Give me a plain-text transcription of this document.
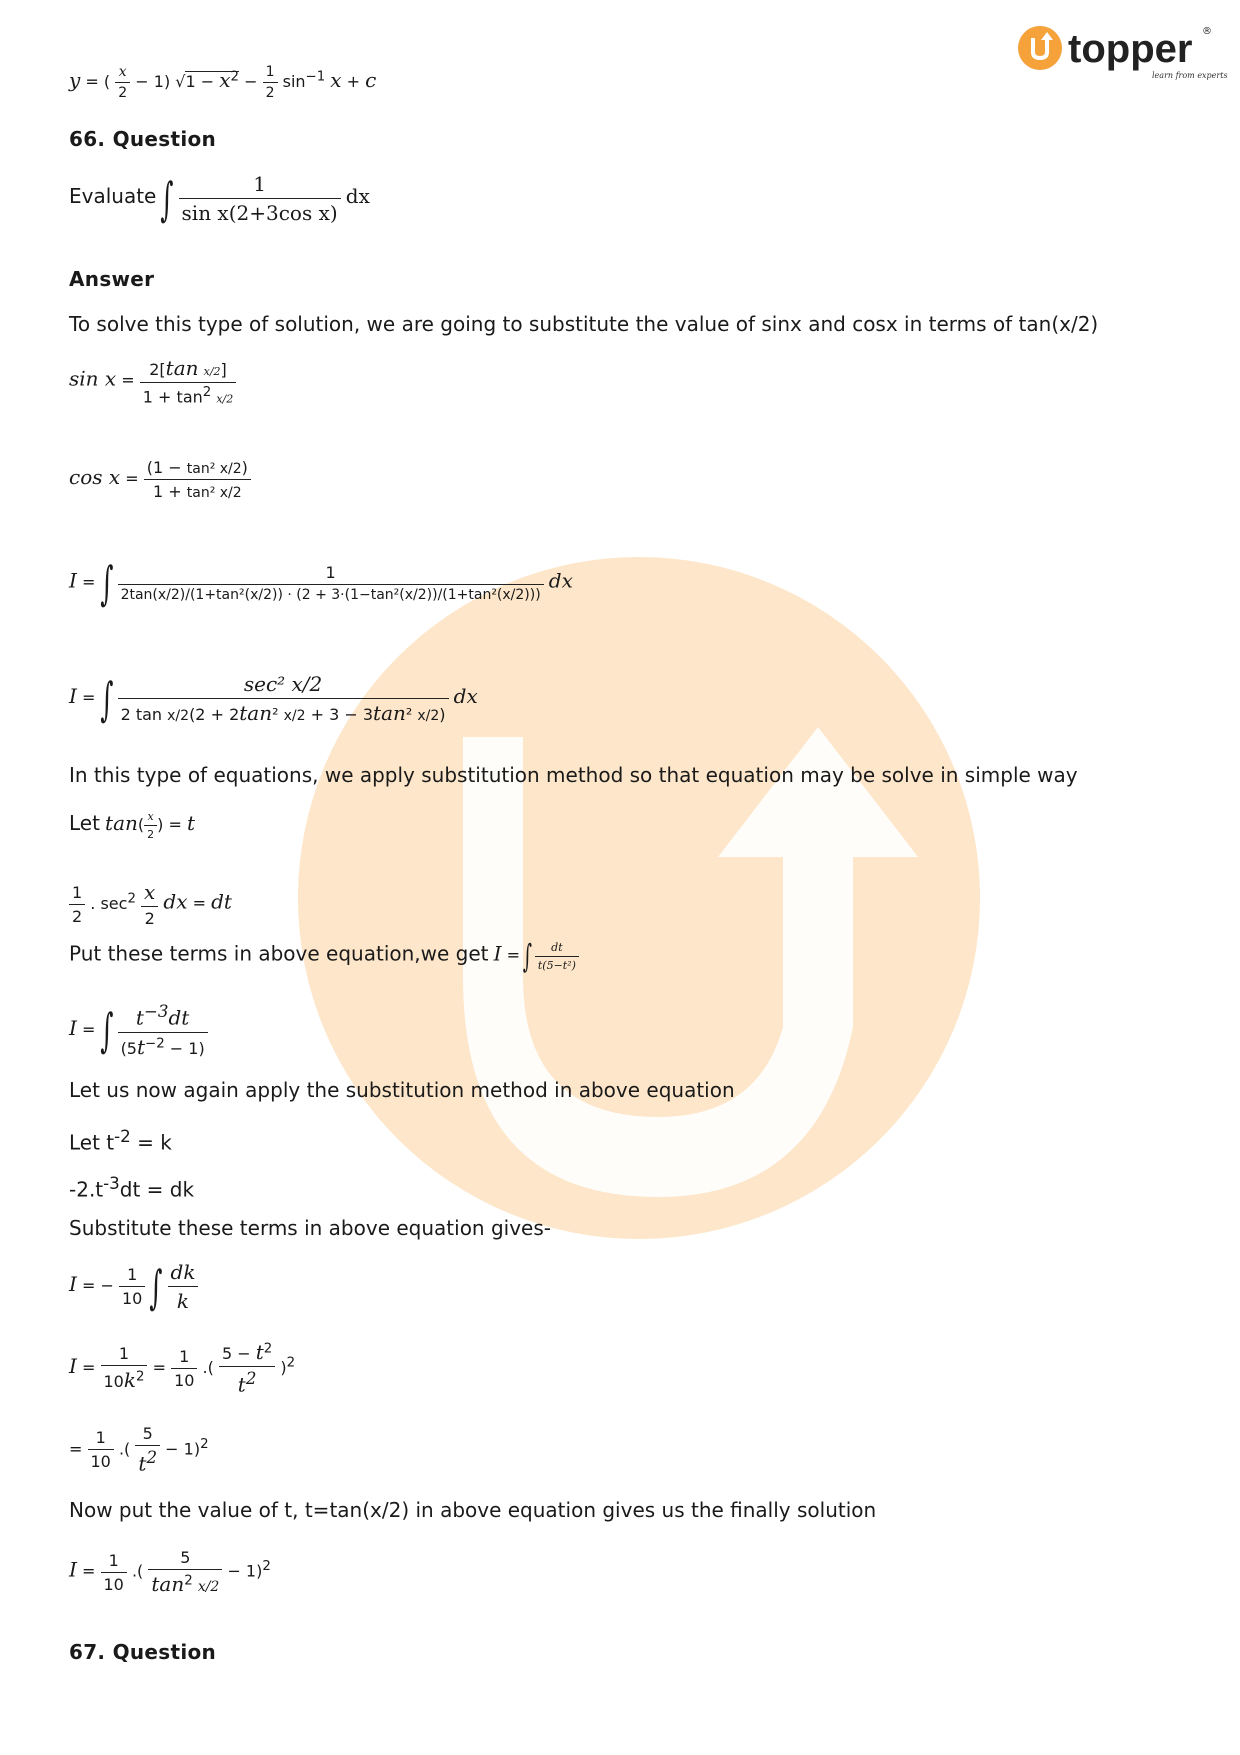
topper ®
learn from experts
y = ( $\frac{x}{2} - 1$) $√1 - x^2 - \frac{1}{2} \sin^{-1} x + c$
66. Question
Evaluate ∫ $\frac{1}{\text{sin x(2+3cos x)}}$ dx
Answer
To solve this type of solution, we are going to substitute the value of sinx and cosx in terms of tan(x/2)
$\sin x = \frac{\text{2[tan x/2]}}{1 + \tan^2 x/2}$
$\cos x = \frac{\text{(1 − tan² x/2)}}{\text{1 + tan² x/2}}$
I = ∫	1
2tan(x/2)/(1+tan²(x/2)) · (2 + 3·(1−tan²(x/2))/(1+tan²(x/2)))
dx
I = ∫ $\frac{\text{sec² x/2}}{\text{2 tan x/2(2 + 2tan² x/2 + 3 − 3tan² x/2)}}$ dx
In this type of equations, we apply substitution method so that equation may be solve in simple way
Let $\tan( \frac{x}{2}$ ) = t
$\frac{1}{2}$ . $\sec^2 \frac{x}{2}$ dx = dt
Put these terms in above equation,we get I = ∫ $\frac{dt}{\text{t(5−t²)}}$
I = ∫ $\frac{t^{-3}dt}{(5t^{-2} - 1)}$
Let us now again apply the substitution method in above equation
Let $t^{-2} = k$
$-2.t^{-3}dt$ = dk
Substitute these terms in above equation gives-
I = − $\frac{1}{10}$ ∫ $\frac{dk}{k}$
$I = \frac{1}{10k^2} = \frac{1}{10}$ .( $\frac{5 - t^2}{t^2} )^2$
= $\frac{1}{10}$ .( $\frac{5}{t^2} - 1)^2$
Now put the value of t, t=tan(x/2) in above equation gives us the finally solution
$I = \frac{1}{10}$ .( $\frac{5}{\tan^2 x/2} - 1)^2$
67. Question
